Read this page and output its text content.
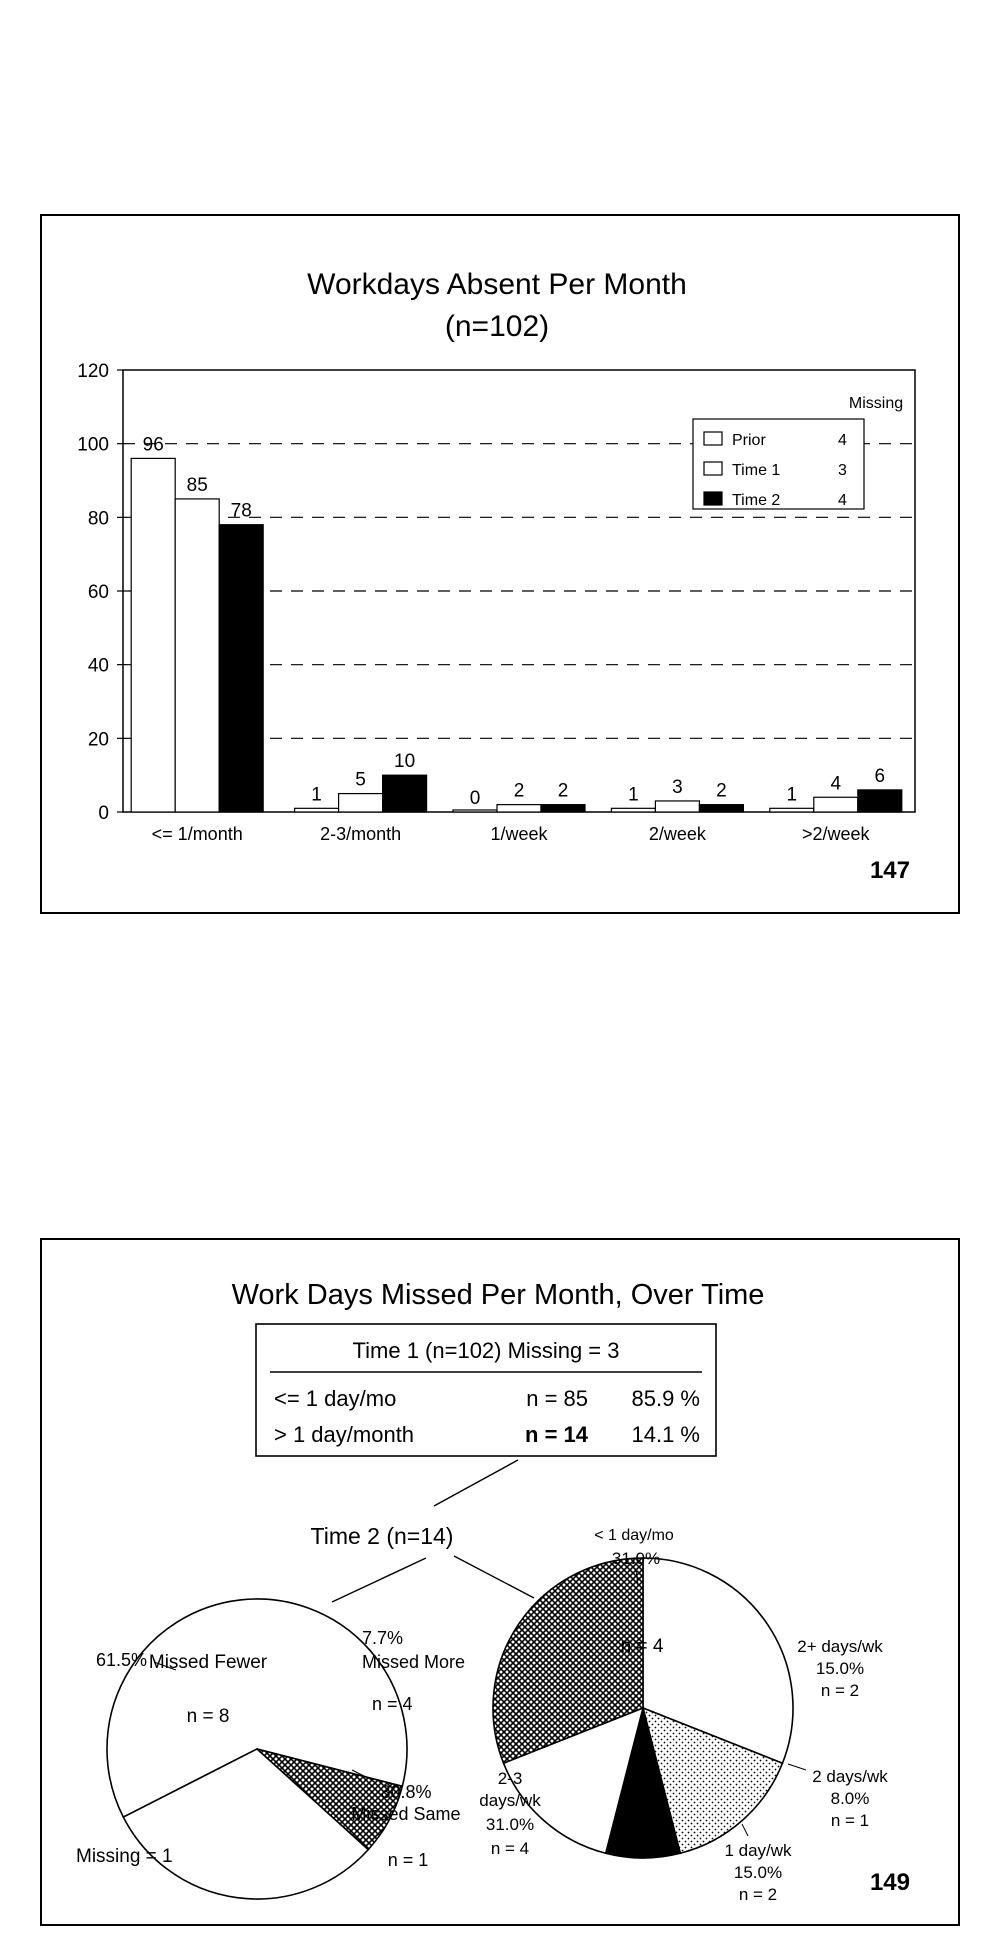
Workdays Absent Per Month
(n=102)
0
20
40
60
80
100
120
96
85
78
1
5
10
0 2 2	1 3 2	1
4 6
<= 1/month	2-3/month	1/week	2/week	>2/week
Missing
Prior	4
Time 1	3
Time 2	4
147
Work Days Missed Per Month, Over Time
Time 1 (n=102) Missing = 3
<= 1 day/mo	n = 85 85.9 %
> 1 day/month	n = 14 14.1 %
Time 2 (n=14)
61.5% Missed Fewer
n = 8
7.7%
Missed More
n = 4
30.8%
Missed Same
n = 1
Missing = 1
< 1 day/mo
31.0%
n = 4	2+ days/wk
15.0%
n = 2
2 days/wk
8.0%
n = 1
1 day/wk
15.0%
n = 2
2-3
days/wk
31.0%
n = 4
149
